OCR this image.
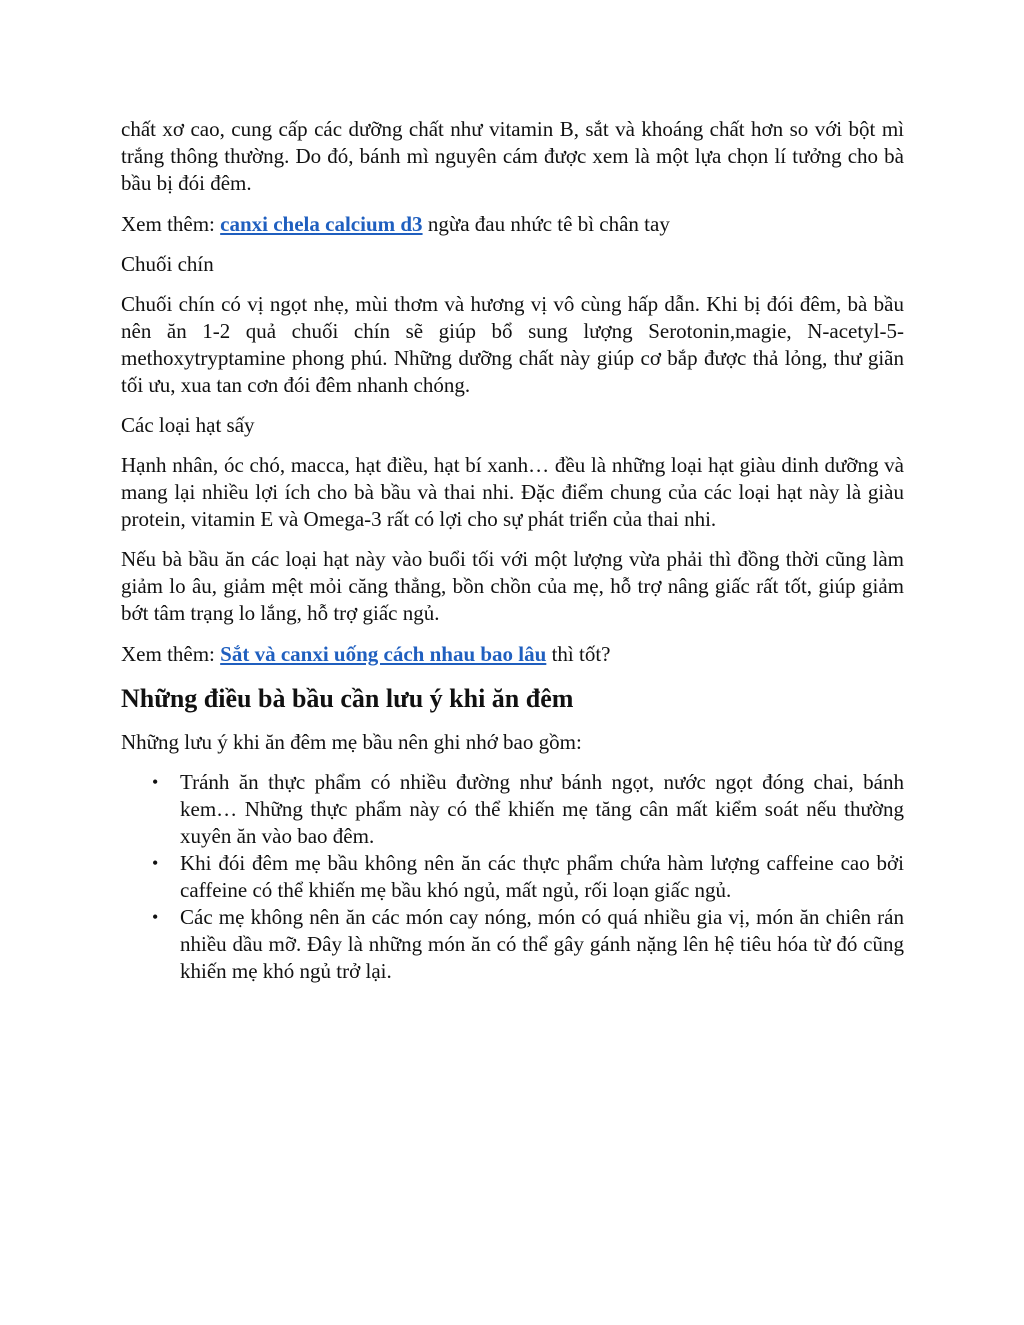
chất xơ cao, cung cấp các dưỡng chất như vitamin B, sắt và khoáng chất hơn so với bột mì trắng thông thường. Do đó, bánh mì nguyên cám được xem là một lựa chọn lí tưởng cho bà bầu bị đói đêm.

Xem thêm: canxi chela calcium d3 ngừa đau nhức tê bì chân tay

Chuối chín

Chuối chín có vị ngọt nhẹ, mùi thơm và hương vị vô cùng hấp dẫn. Khi bị đói đêm, bà bầu nên ăn 1-2 quả chuối chín sẽ giúp bổ sung lượng Serotonin,magie, N-acetyl-5-methoxytryptamine phong phú. Những dưỡng chất này giúp cơ bắp được thả lỏng, thư giãn tối ưu, xua tan cơn đói đêm nhanh chóng.

Các loại hạt sấy

Hạnh nhân, óc chó, macca, hạt điều, hạt bí xanh… đều là những loại hạt giàu dinh dưỡng và mang lại nhiều lợi ích cho bà bầu và thai nhi. Đặc điểm chung của các loại hạt này là giàu protein, vitamin E và Omega-3 rất có lợi cho sự phát triển của thai nhi.

Nếu bà bầu ăn các loại hạt này vào buổi tối với một lượng vừa phải thì đồng thời cũng làm giảm lo âu, giảm mệt mỏi căng thẳng, bồn chồn của mẹ, hỗ trợ nâng giấc rất tốt, giúp giảm bớt tâm trạng lo lắng, hỗ trợ giấc ngủ.

Xem thêm: Sắt và canxi uống cách nhau bao lâu thì tốt?

Những điều bà bầu cần lưu ý khi ăn đêm

Những lưu ý khi ăn đêm mẹ bầu nên ghi nhớ bao gồm:

• Tránh ăn thực phẩm có nhiều đường như bánh ngọt, nước ngọt đóng chai, bánh kem… Những thực phẩm này có thể khiến mẹ tăng cân mất kiểm soát nếu thường xuyên ăn vào bao đêm.
• Khi đói đêm mẹ bầu không nên ăn các thực phẩm chứa hàm lượng caffeine cao bởi caffeine có thể khiến mẹ bầu khó ngủ, mất ngủ, rối loạn giấc ngủ.
• Các mẹ không nên ăn các món cay nóng, món có quá nhiều gia vị, món ăn chiên rán nhiều dầu mỡ. Đây là những món ăn có thể gây gánh nặng lên hệ tiêu hóa từ đó cũng khiến mẹ khó ngủ trở lại.
